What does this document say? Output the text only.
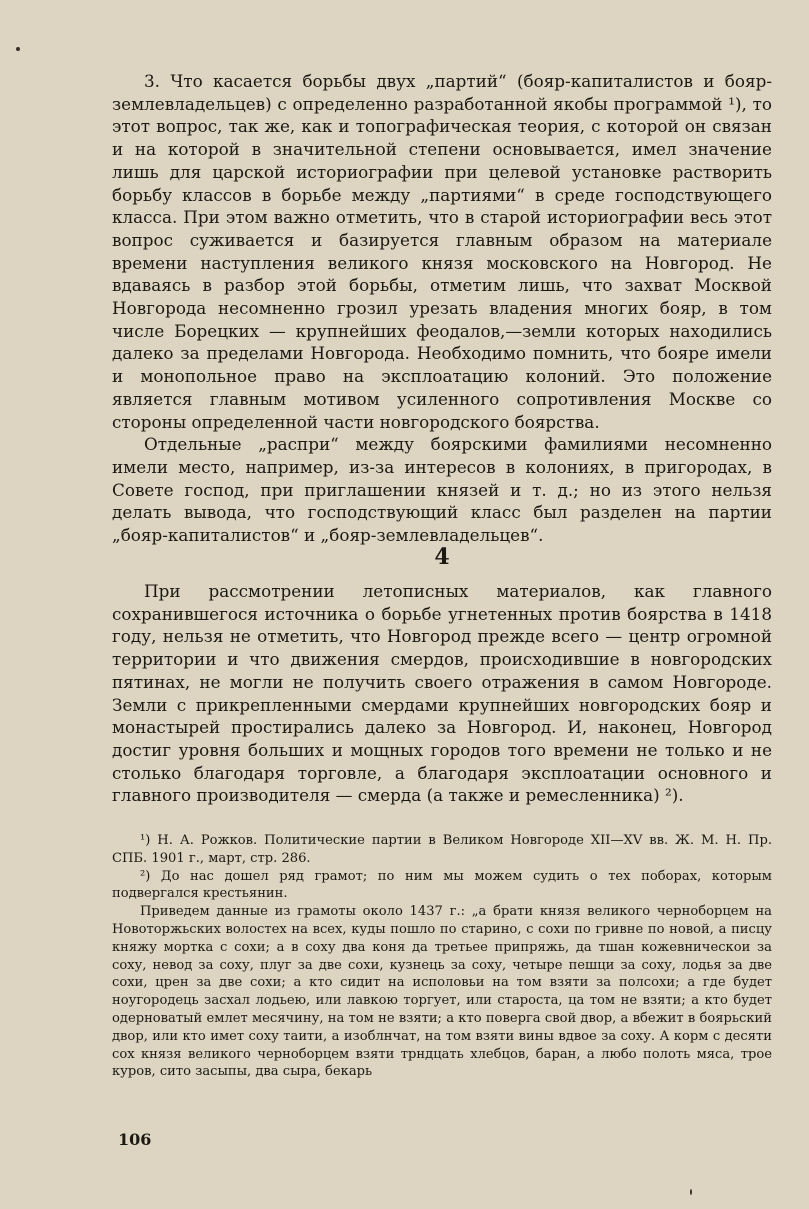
3. Что касается борьбы двух „партий“ (бояр-капиталистов и бояр-землевладельцев) с определенно разработанной якобы программой ¹), то этот вопрос, так же, как и топографическая теория, с которой он связан и на которой в значительной степени основывается, имел значение лишь для царской историографии при целевой установке растворить борьбу классов в борьбе между „партиями“ в среде господствующего класса. При этом важно отметить, что в старой историографии весь этот вопрос суживается и базируется главным образом на материале времени наступления великого князя московского на Новгород. Не вдаваясь в разбор этой борьбы, отметим лишь, что захват Москвой Новгорода несомненно грозил урезать владения многих бояр, в том числе Борецких — крупнейших феодалов,—земли которых находились далеко за пределами Новгорода. Необходимо помнить, что бояре имели и монопольное право на эксплоатацию колоний. Это положение является главным мотивом усиленного сопротивления Москве со стороны определенной части новгородского боярства.

Отдельные „распри“ между боярскими фамилиями несомненно имели место, например, из-за интересов в колониях, в пригородах, в Совете господ, при приглашении князей и т. д.; но из этого нельзя делать вывода, что господствующий класс был разделен на партии „бояр-капиталистов“ и „бояр-землевладельцев“.

4

При рассмотрении летописных материалов, как главного сохранившегося источника о борьбе угнетенных против боярства в 1418 году, нельзя не отметить, что Новгород прежде всего — центр огромной территории и что движения смердов, происходившие в новгородских пятинах, не могли не получить своего отражения в самом Новгороде. Земли с прикрепленными смердами крупнейших новгородских бояр и монастырей простирались далеко за Новгород. И, наконец, Новгород достиг уровня больших и мощных городов того времени не только и не столько благодаря торговле, а благодаря эксплоатации основного и главного производителя — смерда (а также и ремесленника) ²).

¹) Н. А. Рожков. Политические партии в Великом Новгороде XII—XV вв. Ж. М. Н. Пр. СПБ. 1901 г., март, стр. 286.

²) До нас дошел ряд грамот; по ним мы можем судить о тех поборах, которым подвергался крестьянин.

Приведем данные из грамоты около 1437 г.: „а брати князя великого черноборцем на Новоторжьских волостех на всех, куды пошло по старино, с сохи по гривне по новой, а писцу княжу мортка с сохи; а в соху два коня да третьее припряжь, да тшан кожевническои за соху, невод за соху, плуг за две сохи, кузнець за соху, четыре пешци за соху, лодья за две сохи, црен за две сохи; а кто сидит на исполовьи на том взяти за полсохи; а где будет ноугородець засхал лодьею, или лавкою торгует, или староста, ца том не взяти; а кто будет одерноватый емлет месячину, на том не взяти; а кто поверга свой двор, а вбежит в боярьский двор, или кто имет соху таити, а изоблнчат, на том взяти вины вдвое за соху. А корм с десяти сох князя великого черноборцем взяти трндцать хлебцов, баран, а любо полоть мяса, трое куров, сито засыпы, два сыра, бекарь

106
